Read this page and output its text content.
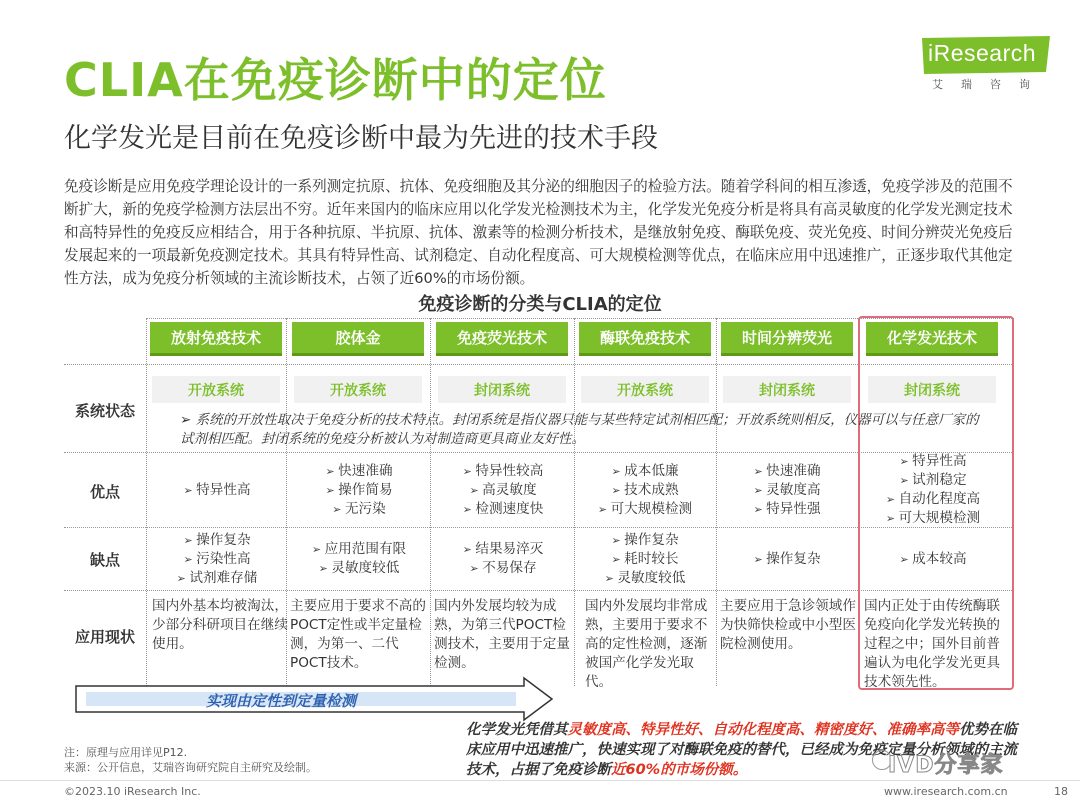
CLIA在免疫诊断中的定位
化学发光是目前在免疫诊断中最为先进的技术手段
iResearch
艾瑞咨询
免疫诊断是应用免疫学理论设计的一系列测定抗原、抗体、免疫细胞及其分泌的细胞因子的检验方法。随着学科间的相互渗透，免疫学涉及的范围不断扩大，新的免疫学检测方法层出不穷。近年来国内的临床应用以化学发光检测技术为主，化学发光免疫分析是将具有高灵敏度的化学发光测定技术和高特异性的免疫反应相结合，用于各种抗原、半抗原、抗体、激素等的检测分析技术，是继放射免疫、酶联免疫、荧光免疫、时间分辨荧光免疫后发展起来的一项最新免疫测定技术。其具有特异性高、试剂稳定、自动化程度高、可大规模检测等优点，在临床应用中迅速推广，正逐步取代其他定性方法，成为免疫分析领域的主流诊断技术，占领了近60%的市场份额。
免疫诊断的分类与CLIA的定位
放射免疫技术	胶体金	免疫荧光技术	酶联免疫技术	时间分辨荧光	化学发光技术
系统状态
优点
缺点
应用现状
开放系统	开放系统	封闭系统	开放系统	封闭系统	封闭系统
➢ 系统的开放性取决于免疫分析的技术特点。封闭系统是指仪器只能与某些特定试剂相匹配；开放系统则相反，仪器可以与任意厂家的试剂相匹配。封闭系统的免疫分析被认为对制造商更具商业友好性。
➢ 特异性高
➢ 快速准确
➢ 操作简易
➢ 无污染
➢ 特异性较高
➢ 高灵敏度
➢ 检测速度快
➢ 成本低廉
➢ 技术成熟
➢ 可大规模检测
➢ 快速准确
➢ 灵敏度高
➢ 特异性强
➢ 特异性高
➢ 试剂稳定
➢ 自动化程度高
➢ 可大规模检测
➢ 操作复杂
➢ 污染性高
➢ 试剂难存储
➢ 应用范围有限
➢ 灵敏度较低
➢ 结果易淬灭
➢ 不易保存
➢ 操作复杂
➢ 耗时较长
➢ 灵敏度较低
➢ 操作复杂
➢	成本较高
国内外基本均被淘汰，少部分科研项目在继续使用。
主要应用于要求不高的POCT定性或半定量检测，为第一、二代POCT技术。
国内外发展均较为成熟，为第三代POCT检测技术，主要用于定量检测。
国内外发展均非常成熟，主要用于要求不高的定性检测，逐渐被国产化学发光取代。
主要应用于急诊领域作为快筛快检或中小型医院检测使用。
国内正处于由传统酶联免疫向化学发光转换的过程之中；国外目前普遍认为电化学发光更具技术领先性。
实现由定性到定量检测
化学发光凭借其灵敏度高、特异性好、自动化程度高、精密度好、准确率高等优势在临床应用中迅速推广，快速实现了对酶联免疫的替代，已经成为免疫定量分析领域的主流技术，占据了免疫诊断近60%的市场份额。
注：原理与应用详见P12.
来源：公开信息，艾瑞咨询研究院自主研究及绘制。	IVD分享家
©2023.10 iResearch Inc.	www.iresearch.com.cn	18
